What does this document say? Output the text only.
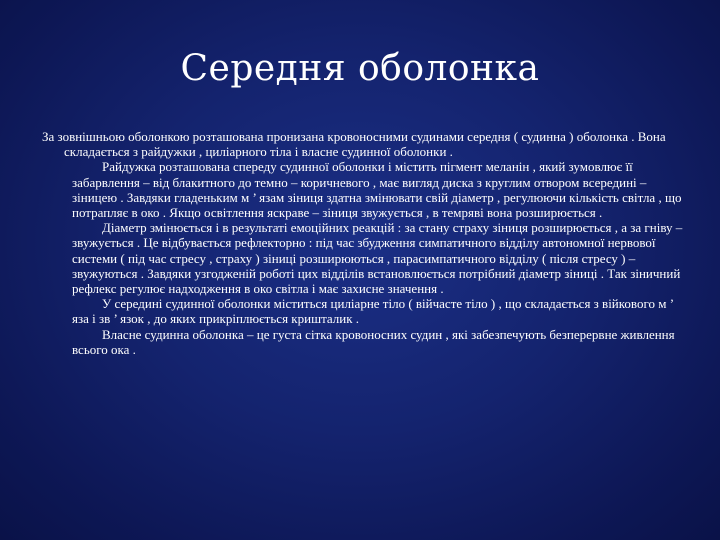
Середня оболонка

За зовнішньою оболонкою розташована пронизана кровоносними судинами середня ( судинна ) оболонка . Вона складається з райдужки , циліарного тіла і власне судинної оболонки .

Райдужка розташована спереду судинної оболонки і містить пігмент меланін , який зумовлює її забарвлення – від блакитного до темно – коричневого , має вигляд диска з круглим отвором всередині – зіницею . Завдяки гладеньким м ’ язам зіниця здатна змінювати свій діаметр , регулюючи кількість світла , що потрапляє в око . Якщо освітлення яскраве – зіниця звужується , в темряві вона розширюється .

Діаметр змінюється і в результаті емоційних реакцій : за стану страху зіниця розширюється , а за гніву – звужується . Це відбувається рефлекторно : під час збудження симпатичного відділу автономної нервової системи ( під час стресу , страху ) зіниці розширюються , парасимпатичного відділу ( після стресу ) – звужуються . Завдяки узгодженій роботі цих відділів встановлюється потрібний діаметр зіниці . Так зіничний рефлекс регулює надходження в око світла і має захисне значення .

У середині судинної оболонки міститься циліарне тіло ( війчасте тіло ) , що складається з війкового м ’ яза і зв ’ язок , до яких прикріплюється кришталик .

Власне судинна оболонка – це густа сітка кровоносних судин , які забезпечують безперервне живлення всього ока .
